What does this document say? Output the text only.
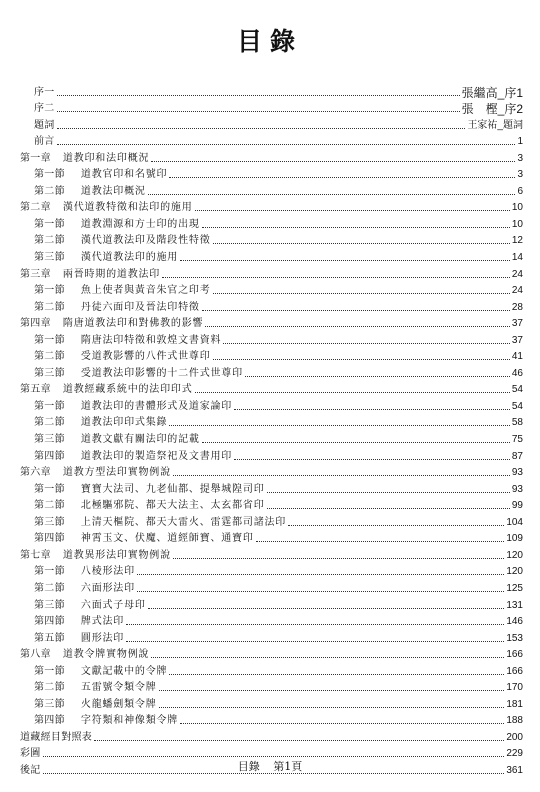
目錄
序一	張繼高_序1
序二	張　樫_序2
題詞	王家祐_題詞
前言	1
第一章 道教印和法印概況	3
第一節 道教官印和名號印	3
第二節 道教法印概況	6
第二章 漢代道教特徵和法印的施用	10
第一節 道教淵源和方士印的出現	10
第二節 漢代道教法印及階段性特徵	12
第三節 漢代道教法印的施用	14
第三章 兩晉時期的道教法印	24
第一節 魚上使者與黃音朱官之印考	24
第二節 丹徒六面印及晉法印特徵	28
第四章 隋唐道教法印和對佛教的影響	37
第一節 隋唐法印特徵和敦煌文書資料	37
第二節 受道教影響的八件式世尊印	41
第三節 受道教法印影響的十二件式世尊印	46
第五章 道教經藏系統中的法印印式	54
第一節 道教法印的書體形式及道家論印	54
第二節 道教法印印式集錄	58
第三節 道教文獻有關法印的記載	75
第四節 道教法印的製造祭祀及文書用印	87
第六章 道教方型法印實物例說	93
第一節 寶寶大法司、九老仙都、提舉城隍司印	93
第二節 北極驅邪院、都天大法主、太玄都省印	99
第三節 上清天樞院、都天大雷火、雷霆都司諸法印	104
第四節 神霄玉文、伏魔、道經師寶、通寶印	109
第七章 道教異形法印實物例說	120
第一節 八棱形法印	120
第二節 六面形法印	125
第三節 六面式子母印	131
第四節 牌式法印	146
第五節 圓形法印	153
第八章 道教令牌實物例說	166
第一節 文獻記載中的令牌	166
第二節 五雷號令類令牌	170
第三節 火龍蟠劍類令牌	181
第四節 字符類和神像類令牌	188
道藏經目對照表	200
彩圖	229
後記	361
目錄 第1頁
